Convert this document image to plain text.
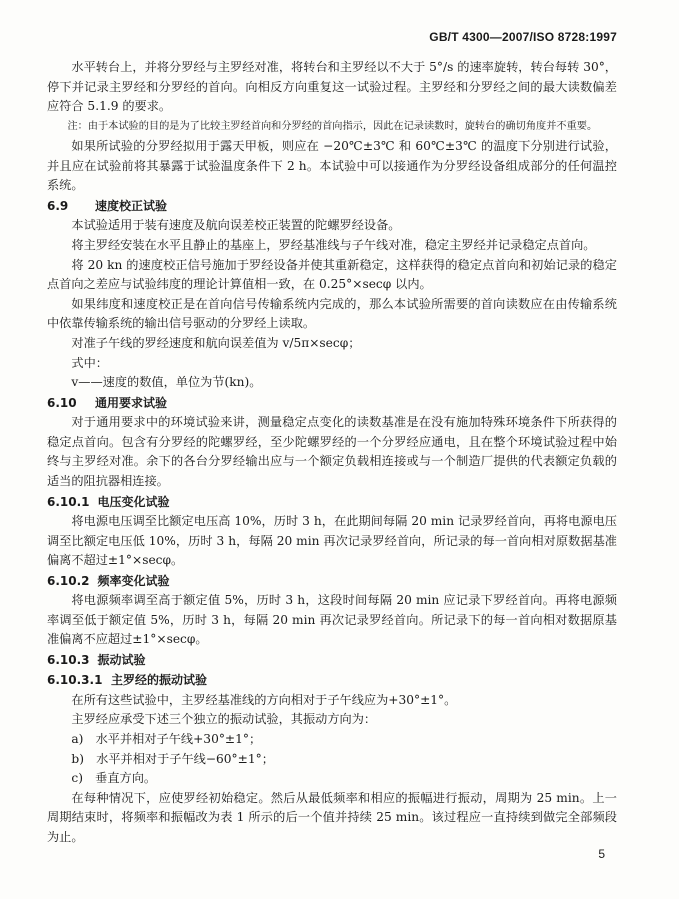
GB/T 4300—2007/ISO 8728:1997

水平转台上，并将分罗经与主罗经对准，将转台和主罗经以不大于 5°/s 的速率旋转，转台每转 30°，停下并记录主罗经和分罗经的首向。向相反方向重复这一试验过程。主罗经和分罗经之间的最大读数偏差应符合 5.1.9 的要求。

注：由于本试验的目的是为了比较主罗经首向和分罗经的首向指示，因此在记录读数时，旋转台的确切角度并不重要。

如果所试验的分罗经拟用于露天甲板，则应在 −20℃±3℃ 和 60℃±3℃ 的温度下分别进行试验，并且应在试验前将其暴露于试验温度条件下 2 h。本试验中可以接通作为分罗经设备组成部分的任何温控系统。

6.9 速度校正试验

本试验适用于装有速度及航向误差校正装置的陀螺罗经设备。

将主罗经安装在水平且静止的基座上，罗经基准线与子午线对准，稳定主罗经并记录稳定点首向。

将 20 kn 的速度校正信号施加于罗经设备并使其重新稳定，这样获得的稳定点首向和初始记录的稳定点首向之差应与试验纬度的理论计算值相一致，在 0.25°×secφ 以内。

如果纬度和速度校正是在首向信号传输系统内完成的，那么本试验所需要的首向读数应在由传输系统中依靠传输系统的输出信号驱动的分罗经上读取。

对准子午线的罗经速度和航向误差值为 v/5π×secφ；

式中：

v——速度的数值，单位为节(kn)。

6.10 通用要求试验

对于通用要求中的环境试验来讲，测量稳定点变化的读数基准是在没有施加特殊环境条件下所获得的稳定点首向。包含有分罗经的陀螺罗经，至少陀螺罗经的一个分罗经应通电，且在整个环境试验过程中始终与主罗经对准。余下的各台分罗经输出应与一个额定负载相连接或与一个制造厂提供的代表额定负载的适当的阻抗器相连接。

6.10.1 电压变化试验

将电源电压调至比额定电压高 10%，历时 3 h，在此期间每隔 20 min 记录罗经首向，再将电源电压调至比额定电压低 10%，历时 3 h，每隔 20 min 再次记录罗经首向，所记录的每一首向相对原数据基准偏离不超过±1°×secφ。

6.10.2 频率变化试验

将电源频率调至高于额定值 5%，历时 3 h，这段时间每隔 20 min 应记录下罗经首向。再将电源频率调至低于额定值 5%，历时 3 h，每隔 20 min 再次记录罗经首向。所记录下的每一首向相对数据原基准偏离不应超过±1°×secφ。

6.10.3 振动试验
6.10.3.1 主罗经的振动试验

在所有这些试验中，主罗经基准线的方向相对于子午线应为+30°±1°。

主罗经应承受下述三个独立的振动试验，其振动方向为：

a)　水平并相对子午线+30°±1°；

b)　水平并相对于子午线−60°±1°；

c)　垂直方向。

在每种情况下，应使罗经初始稳定。然后从最低频率和相应的振幅进行振动，周期为 25 min。上一周期结束时，将频率和振幅改为表 1 所示的后一个值并持续 25 min。该过程应一直持续到做完全部频段为止。

5
